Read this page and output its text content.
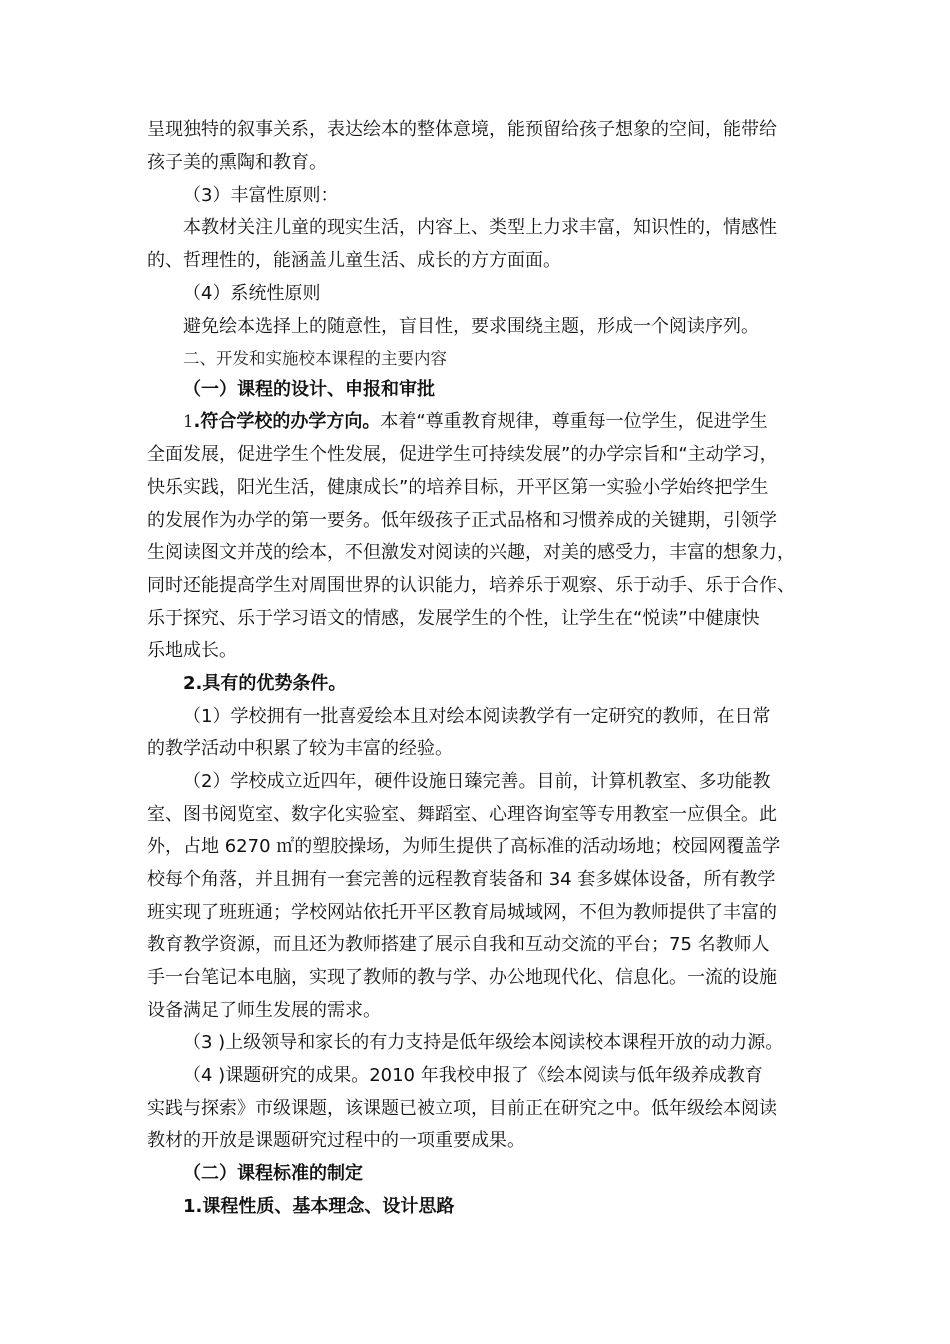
呈现独特的叙事关系，表达绘本的整体意境，能预留给孩子想象的空间，能带给
孩子美的熏陶和教育。
（3）丰富性原则：
本教材关注儿童的现实生活，内容上、类型上力求丰富，知识性的，情感性
的、哲理性的，能涵盖儿童生活、成长的方方面面。
（4）系统性原则
避免绘本选择上的随意性，盲目性，要求围绕主题，形成一个阅读序列。
二、开发和实施校本课程的主要内容
（一）课程的设计、申报和审批
1.符合学校的办学方向。本着“尊重教育规律，尊重每一位学生，促进学生
全面发展，促进学生个性发展，促进学生可持续发展”的办学宗旨和“主动学习，
快乐实践，阳光生活，健康成长”的培养目标，开平区第一实验小学始终把学生
的发展作为办学的第一要务。低年级孩子正式品格和习惯养成的关键期，引领学
生阅读图文并茂的绘本，不但激发对阅读的兴趣，对美的感受力，丰富的想象力，
同时还能提高学生对周围世界的认识能力，培养乐于观察、乐于动手、乐于合作、
乐于探究、乐于学习语文的情感，发展学生的个性，让学生在“悦读”中健康快
乐地成长。
2.具有的优势条件。
（1）学校拥有一批喜爱绘本且对绘本阅读教学有一定研究的教师，在日常
的教学活动中积累了较为丰富的经验。
（2）学校成立近四年，硬件设施日臻完善。目前，计算机教室、多功能教
室、图书阅览室、数字化实验室、舞蹈室、心理咨询室等专用教室一应俱全。此
外，占地 6270 ㎡的塑胶操场，为师生提供了高标准的活动场地；校园网覆盖学
校每个角落，并且拥有一套完善的远程教育装备和 34 套多媒体设备，所有教学
班实现了班班通；学校网站依托开平区教育局城域网，不但为教师提供了丰富的
教育教学资源，而且还为教师搭建了展示自我和互动交流的平台；75 名教师人
手一台笔记本电脑，实现了教师的教与学、办公地现代化、信息化。一流的设施
设备满足了师生发展的需求。
（3 )上级领导和家长的有力支持是低年级绘本阅读校本课程开放的动力源。
（4 )课题研究的成果。2010 年我校申报了《绘本阅读与低年级养成教育
实践与探索》市级课题，该课题已被立项，目前正在研究之中。低年级绘本阅读
教材的开放是课题研究过程中的一项重要成果。
（二）课程标准的制定
1.课程性质、基本理念、设计思路
